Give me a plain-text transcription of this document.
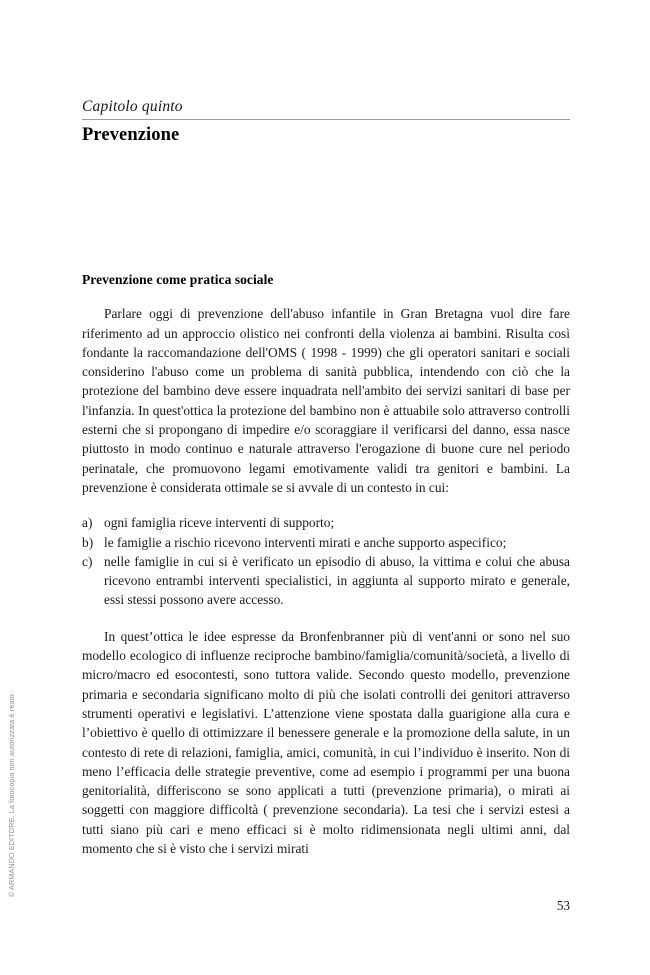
© ARMANDO EDITORE. La fotocopia non autorizzata è reato.
Capitolo quinto
Prevenzione
Prevenzione come pratica sociale

Parlare oggi di prevenzione dell'abuso infantile in Gran Bretagna vuol dire fare riferimento ad un approccio olistico nei confronti della violenza ai bambini. Risulta così fondante la raccomandazione dell'OMS ( 1998 - 1999) che gli operatori sanitari e sociali considerino l'abuso come un problema di sanità pubblica, intendendo con ciò che la protezione del bambino deve essere inquadrata nell'ambito dei servizi sanitari di base per l'infanzia. In quest'ottica la protezione del bambino non è attuabile solo attraverso controlli esterni che si propongano di impedire e/o scoraggiare il verificarsi del danno, essa nasce piuttosto in modo continuo e naturale attraverso l'erogazione di buone cure nel periodo perinatale, che promuovono legami emotivamente validi tra genitori e bambini. La prevenzione è considerata ottimale se si avvale di un contesto in cui:

a) ogni famiglia riceve interventi di supporto;
b) le famiglie a rischio ricevono interventi mirati e anche supporto aspecifico;
c) nelle famiglie in cui si è verificato un episodio di abuso, la vittima e colui che abusa ricevono entrambi interventi specialistici, in aggiunta al supporto mirato e generale, essi stessi possono avere accesso.

In quest’ottica le idee espresse da Bronfenbranner più di vent'anni or sono nel suo modello ecologico di influenze reciproche bambino/famiglia/comunità/società, a livello di micro/macro ed esocontesti, sono tuttora valide. Secondo questo modello, prevenzione primaria e secondaria significano molto di più che isolati controlli dei genitori attraverso strumenti operativi e legislativi. L’attenzione viene spostata dalla guarigione alla cura e l’obiettivo è quello di ottimizzare il benessere generale e la promozione della salute, in un contesto di rete di relazioni, famiglia, amici, comunità, in cui l’individuo è inserito. Non di meno l’efficacia delle strategie preventive, come ad esempio i programmi per una buona genitorialità, differiscono se sono applicati a tutti (prevenzione primaria), o mirati ai soggetti con maggiore difficoltà ( prevenzione secondaria). La tesi che i servizi estesi a tutti siano più cari e meno efficaci si è molto ridimensionata negli ultimi anni, dal momento che si è visto che i servizi mirati

53
